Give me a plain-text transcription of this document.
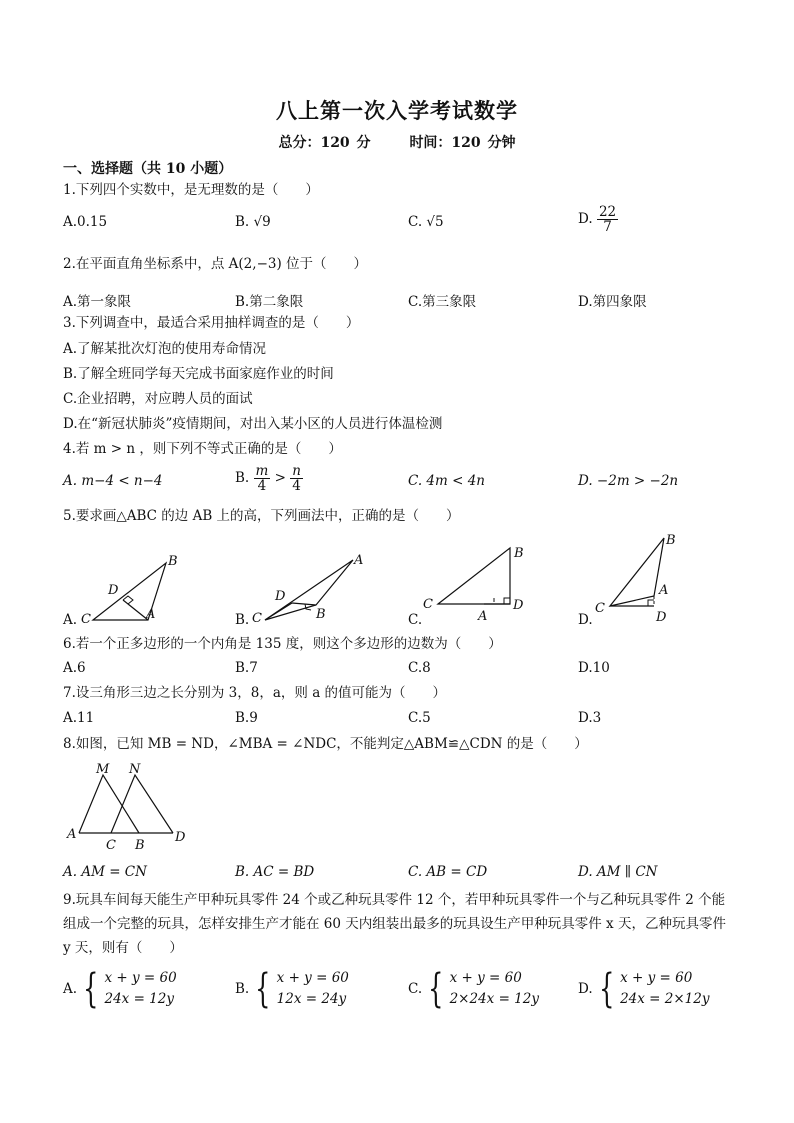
八上第一次入学考试数学
总分：120 分	时间：120 分钟
一、选择题（共 10 小题）
1.下列四个实数中，是无理数的是（　　）
A.0.15	B. √9	C. √5	D. $\frac{22}{7}$
2.在平面直角坐标系中，点 A(2,−3) 位于（　　）
A.第一象限	B.第二象限	C.第三象限	D.第四象限
3.下列调查中，最适合采用抽样调查的是（　　）
A.了解某批次灯泡的使用寿命情况
B.了解全班同学每天完成书面家庭作业的时间
C.企业招聘，对应聘人员的面试
D.在“新冠状肺炎”疫情期间，对出入某小区的人员进行体温检测
4.若 m > n ，则下列不等式正确的是（　　）
A. m−4 < n−4	B. $\frac{m}{4} > \frac{n}{4}$	C. 4m < 4n	D. −2m > −2n
5.要求画△ABC 的边 AB 上的高，下列画法中，正确的是（　　）
A.	B.	C.	D.
C
B
A
D
C
A
B
D
C
B
A
D	C
B
A
D
6.若一个正多边形的一个内角是 135 度，则这个多边形的边数为（　　）
A.6	B.7	C.8	D.10
7.设三角形三边之长分别为 3，8，a，则 a 的值可能为（　　）
A.11	B.9	C.5	D.3
8.如图，已知 MB = ND，∠MBA = ∠NDC，不能判定△ABM≌△CDN 的是（　　）
M N
A
C B
D
A. AM = CN	B. AC = BD	C. AB = CD	D. AM ∥ CN
9.玩具车间每天能生产甲种玩具零件 24 个或乙种玩具零件 12 个，若甲种玩具零件一个与乙种玩具零件 2 个能组成一个完整的玩具，怎样安排生产才能在 60 天内组装出最多的玩具设生产甲种玩具零件 x 天，乙种玩具零件 y 天，则有（　　）
A. { x + y = 60
24x = 12y
B. { x + y = 60
12x = 24y
C. { x + y = 60
2×24x = 12y
D. { x + y = 60
24x = 2×12y
